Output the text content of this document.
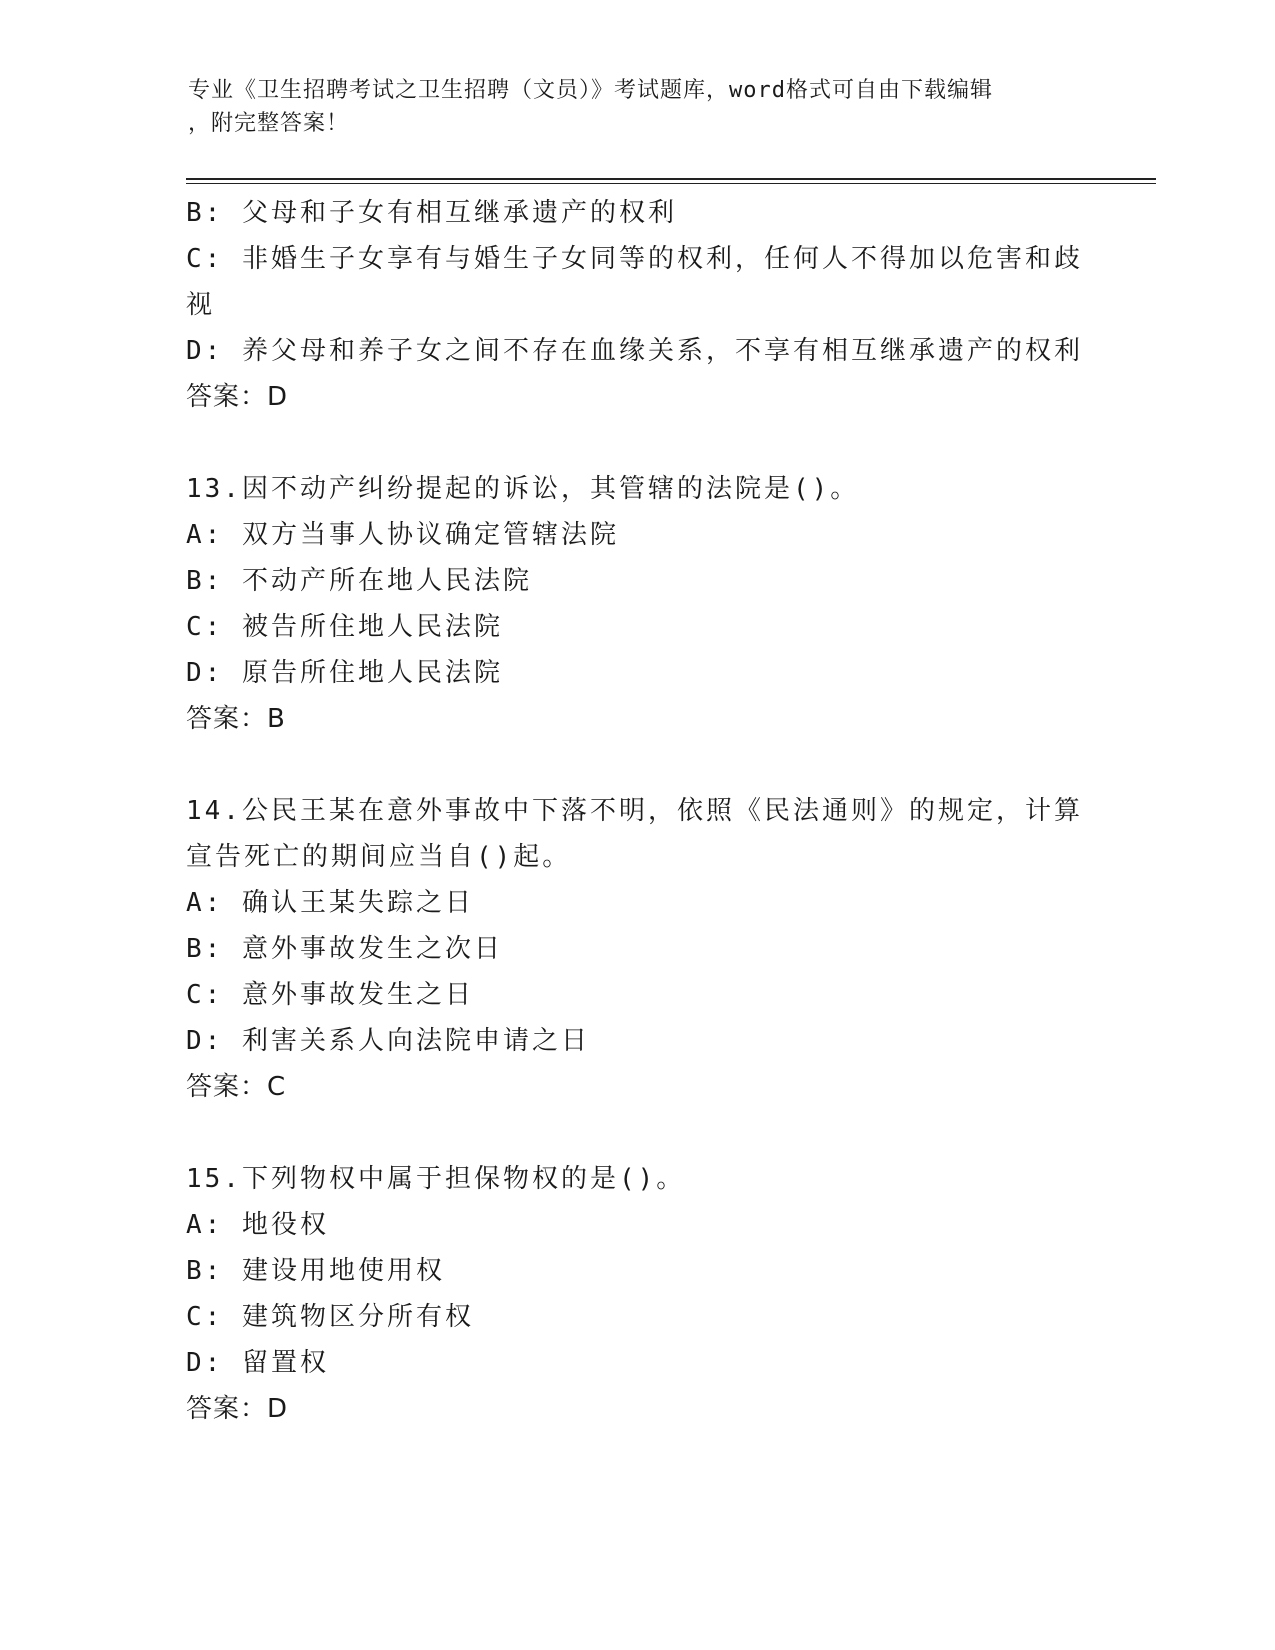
专业《卫生招聘考试之卫生招聘（文员）》考试题库，word格式可自由下载编辑
，附完整答案！
B: 父母和子女有相互继承遗产的权利
C: 非婚生子女享有与婚生子女同等的权利，任何人不得加以危害和歧
视
D: 养父母和养子女之间不存在血缘关系，不享有相互继承遗产的权利
答案：D
13.因不动产纠纷提起的诉讼，其管辖的法院是()。
A: 双方当事人协议确定管辖法院
B: 不动产所在地人民法院
C: 被告所住地人民法院
D: 原告所住地人民法院
答案：B
14.公民王某在意外事故中下落不明，依照《民法通则》的规定，计算
宣告死亡的期间应当自()起。
A: 确认王某失踪之日
B: 意外事故发生之次日
C: 意外事故发生之日
D: 利害关系人向法院申请之日
答案：C
15.下列物权中属于担保物权的是()。
A: 地役权
B: 建设用地使用权
C: 建筑物区分所有权
D: 留置权
答案：D
